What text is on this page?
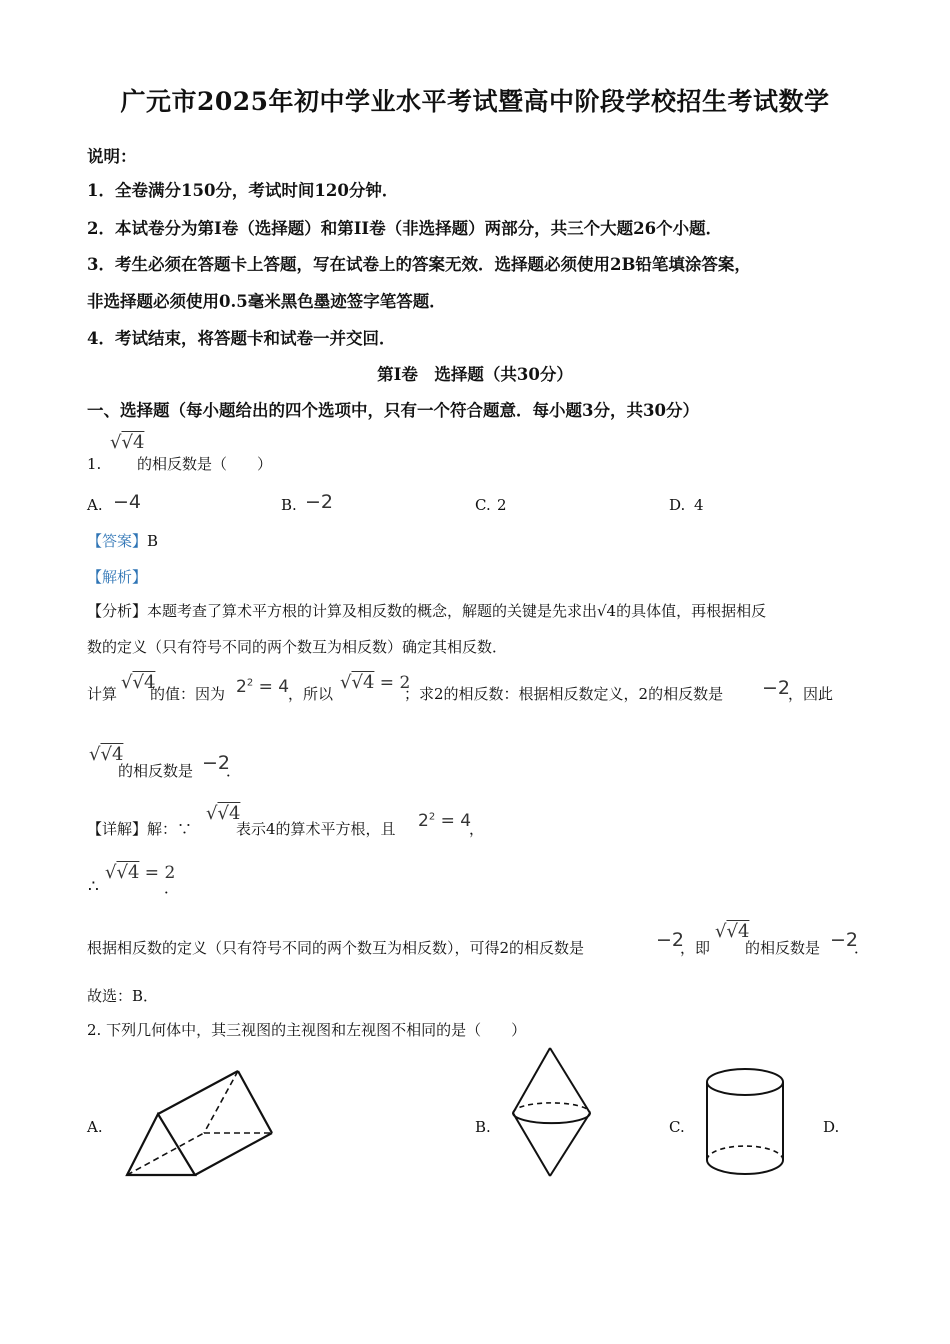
广元市2025年初中学业水平考试暨高中阶段学校招生考试数学
说明：
1．全卷满分150分，考试时间120分钟．
2．本试卷分为第I卷（选择题）和第II卷（非选择题）两部分，共三个大题26个小题．
3．考生必须在答题卡上答题，写在试卷上的答案无效．选择题必须使用2B铅笔填涂答案，
非选择题必须使用0.5毫米黑色墨迹签字笔答题．
4．考试结束，将答题卡和试卷一并交回．
第I卷　选择题（共30分）
一、选择题（每小题给出的四个选项中，只有一个符合题意．每小题3分，共30分）
1.
√√4
的相反数是（　　）
A. −4	B. −2	C. 2	D. 4
【答案】B
【解析】
【分析】本题考查了算术平方根的计算及相反数的概念，解题的关键是先求出√4的具体值，再根据相反
数的定义（只有符号不同的两个数互为相反数）确定其相反数．
计算
√√4
的值：因为 $2^2 = 4$
，所以
√√4 = 2
；求2的相反数：根据相反数定义，2的相反数是 −2
，因此
√√4
的相反数是 −2
．
【详解】解：∵
√√4
表示4的算术平方根，且 $2^2 = 4$
，
∴
√√4 = 2
．
根据相反数的定义（只有符号不同的两个数互为相反数），可得2的相反数是	−2
，即
√√4
的相反数是 −2
．
故选：B．
2. 下列几何体中，其三视图的主视图和左视图不相同的是（　　）
A.	B.	C.	D.
